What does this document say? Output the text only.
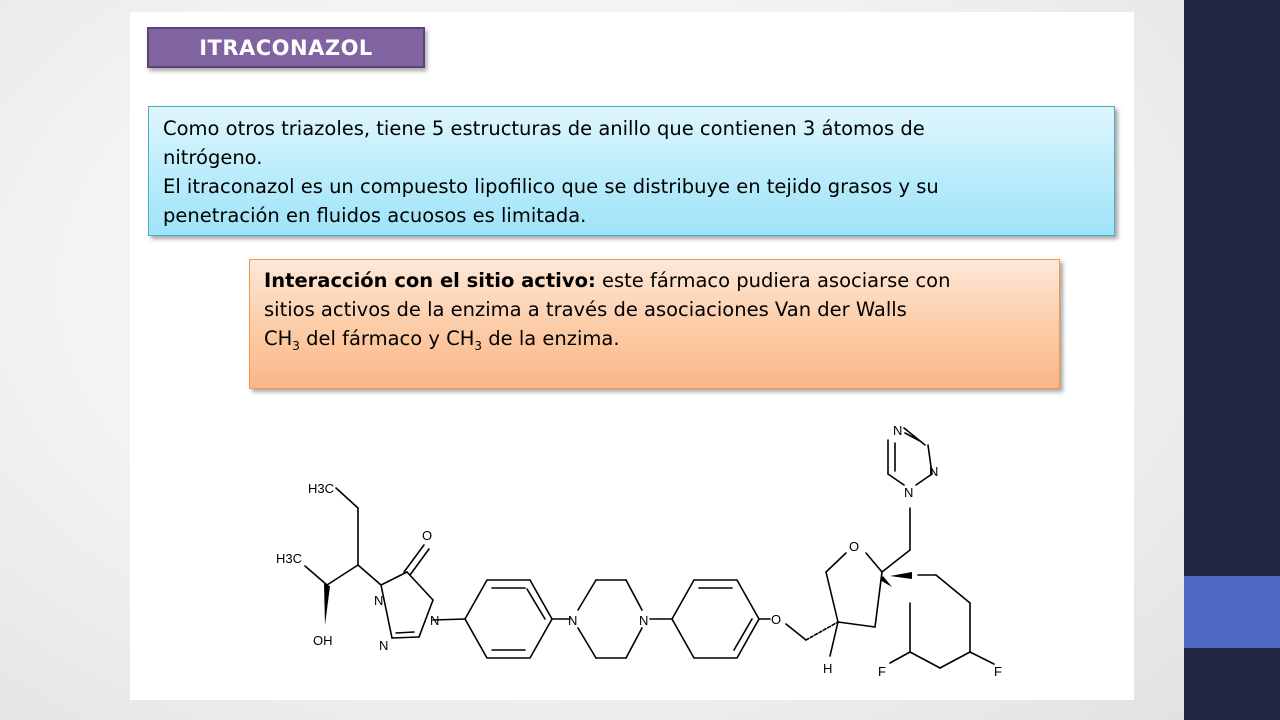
ITRACONAZOL

Como otros triazoles, tiene 5 estructuras de anillo que contienen 3 átomos de

nitrógeno.

El itraconazol es un compuesto lipofilico que se distribuye en tejido grasos y su

penetración en fluidos acuosos es limitada.

Interacción con el sitio activo: este fármaco pudiera asociarse con

sitios activos de la enzima a través de asociaciones Van der Walls

$CH_3$ del fármaco y $CH_3$ de la enzima.

H3C
H3C
OH
O
N
N
N	N	N	O
O
H	F	F
N
N
N
